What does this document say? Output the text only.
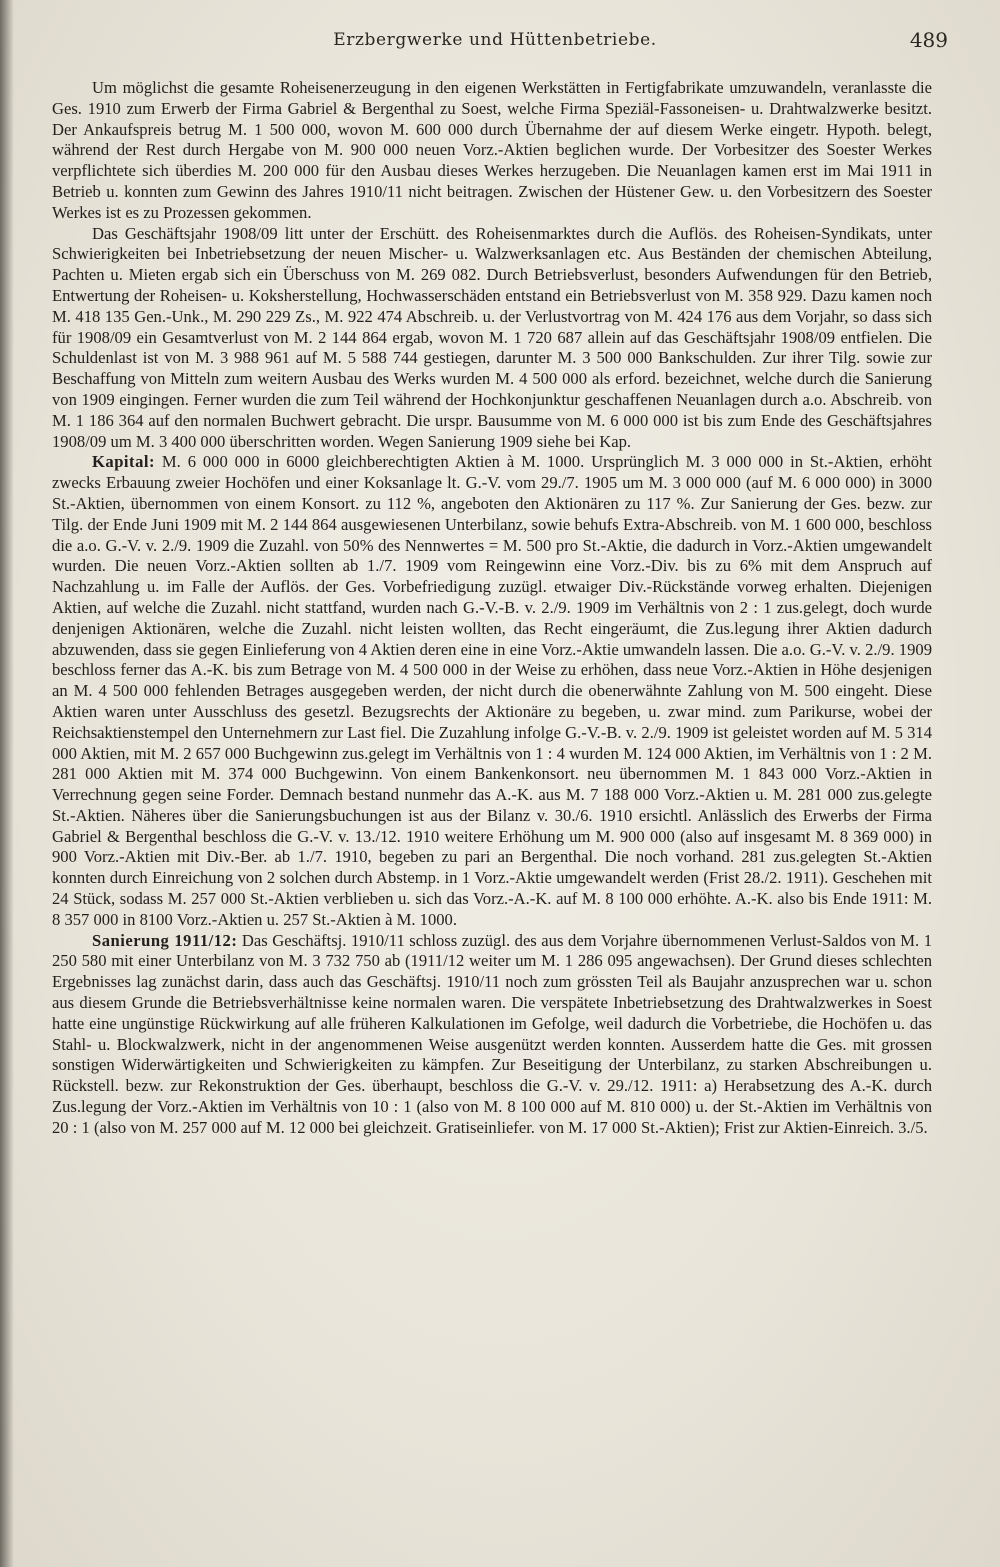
Erzbergwerke und Hüttenbetriebe.	489

Um möglichst die gesamte Roheisenerzeugung in den eigenen Werkstätten in Fertigfabrikate umzuwandeln, veranlasste die Ges. 1910 zum Erwerb der Firma Gabriel & Bergenthal zu Soest, welche Firma Speziäl-Fassoneisen- u. Drahtwalzwerke besitzt. Der Ankaufspreis betrug M. 1 500 000, wovon M. 600 000 durch Übernahme der auf diesem Werke eingetr. Hypoth. belegt, während der Rest durch Hergabe von M. 900 000 neuen Vorz.-Aktien beglichen wurde. Der Vorbesitzer des Soester Werkes verpflichtete sich überdies M. 200 000 für den Ausbau dieses Werkes herzugeben. Die Neuanlagen kamen erst im Mai 1911 in Betrieb u. konnten zum Gewinn des Jahres 1910/11 nicht beitragen. Zwischen der Hüstener Gew. u. den Vorbesitzern des Soester Werkes ist es zu Prozessen gekommen.

Das Geschäftsjahr 1908/09 litt unter der Erschütt. des Roheisenmarktes durch die Auflös. des Roheisen-Syndikats, unter Schwierigkeiten bei Inbetriebsetzung der neuen Mischer- u. Walzwerksanlagen etc. Aus Beständen der chemischen Abteilung, Pachten u. Mieten ergab sich ein Überschuss von M. 269 082. Durch Betriebsverlust, besonders Aufwendungen für den Betrieb, Entwertung der Roheisen- u. Koksherstellung, Hochwasserschäden entstand ein Betriebsverlust von M. 358 929. Dazu kamen noch M. 418 135 Gen.-Unk., M. 290 229 Zs., M. 922 474 Abschreib. u. der Verlustvortrag von M. 424 176 aus dem Vorjahr, so dass sich für 1908/09 ein Gesamtverlust von M. 2 144 864 ergab, wovon M. 1 720 687 allein auf das Geschäftsjahr 1908/09 entfielen. Die Schuldenlast ist von M. 3 988 961 auf M. 5 588 744 gestiegen, darunter M. 3 500 000 Bankschulden. Zur ihrer Tilg. sowie zur Beschaffung von Mitteln zum weitern Ausbau des Werks wurden M. 4 500 000 als erford. bezeichnet, welche durch die Sanierung von 1909 eingingen. Ferner wurden die zum Teil während der Hochkonjunktur geschaffenen Neuanlagen durch a.o. Abschreib. von M. 1 186 364 auf den normalen Buchwert gebracht. Die urspr. Bausumme von M. 6 000 000 ist bis zum Ende des Geschäftsjahres 1908/09 um M. 3 400 000 überschritten worden. Wegen Sanierung 1909 siehe bei Kap.

Kapital: M. 6 000 000 in 6000 gleichberechtigten Aktien à M. 1000. Ursprünglich M. 3 000 000 in St.-Aktien, erhöht zwecks Erbauung zweier Hochöfen und einer Koksanlage lt. G.-V. vom 29./7. 1905 um M. 3 000 000 (auf M. 6 000 000) in 3000 St.-Aktien, übernommen von einem Konsort. zu 112 %, angeboten den Aktionären zu 117 %. Zur Sanierung der Ges. bezw. zur Tilg. der Ende Juni 1909 mit M. 2 144 864 ausgewiesenen Unterbilanz, sowie behufs Extra-Abschreib. von M. 1 600 000, beschloss die a.o. G.-V. v. 2./9. 1909 die Zuzahl. von 50% des Nennwertes = M. 500 pro St.-Aktie, die dadurch in Vorz.-Aktien umgewandelt wurden. Die neuen Vorz.-Aktien sollten ab 1./7. 1909 vom Reingewinn eine Vorz.-Div. bis zu 6% mit dem Anspruch auf Nachzahlung u. im Falle der Auflös. der Ges. Vorbefriedigung zuzügl. etwaiger Div.-Rückstände vorweg erhalten. Diejenigen Aktien, auf welche die Zuzahl. nicht stattfand, wurden nach G.-V.-B. v. 2./9. 1909 im Verhältnis von 2 : 1 zus.gelegt, doch wurde denjenigen Aktionären, welche die Zuzahl. nicht leisten wollten, das Recht eingeräumt, die Zus.legung ihrer Aktien dadurch abzuwenden, dass sie gegen Einlieferung von 4 Aktien deren eine in eine Vorz.-Aktie umwandeln lassen. Die a.o. G.-V. v. 2./9. 1909 beschloss ferner das A.-K. bis zum Betrage von M. 4 500 000 in der Weise zu erhöhen, dass neue Vorz.-Aktien in Höhe desjenigen an M. 4 500 000 fehlenden Betrages ausgegeben werden, der nicht durch die obenerwähnte Zahlung von M. 500 eingeht. Diese Aktien waren unter Ausschluss des gesetzl. Bezugsrechts der Aktionäre zu begeben, u. zwar mind. zum Parikurse, wobei der Reichsaktienstempel den Unternehmern zur Last fiel. Die Zuzahlung infolge G.-V.-B. v. 2./9. 1909 ist geleistet worden auf M. 5 314 000 Aktien, mit M. 2 657 000 Buchgewinn zus.gelegt im Verhältnis von 1 : 4 wurden M. 124 000 Aktien, im Verhältnis von 1 : 2 M. 281 000 Aktien mit M. 374 000 Buchgewinn. Von einem Bankenkonsort. neu übernommen M. 1 843 000 Vorz.-Aktien in Verrechnung gegen seine Forder. Demnach bestand nunmehr das A.-K. aus M. 7 188 000 Vorz.-Aktien u. M. 281 000 zus.gelegte St.-Aktien. Näheres über die Sanierungsbuchungen ist aus der Bilanz v. 30./6. 1910 ersichtl. Anlässlich des Erwerbs der Firma Gabriel & Bergenthal beschloss die G.-V. v. 13./12. 1910 weitere Erhöhung um M. 900 000 (also auf insgesamt M. 8 369 000) in 900 Vorz.-Aktien mit Div.-Ber. ab 1./7. 1910, begeben zu pari an Bergenthal. Die noch vorhand. 281 zus.gelegten St.-Aktien konnten durch Einreichung von 2 solchen durch Abstemp. in 1 Vorz.-Aktie umgewandelt werden (Frist 28./2. 1911). Geschehen mit 24 Stück, sodass M. 257 000 St.-Aktien verblieben u. sich das Vorz.-A.-K. auf M. 8 100 000 erhöhte. A.-K. also bis Ende 1911: M. 8 357 000 in 8100 Vorz.-Aktien u. 257 St.-Aktien à M. 1000.

Sanierung 1911/12: Das Geschäftsj. 1910/11 schloss zuzügl. des aus dem Vorjahre übernommenen Verlust-Saldos von M. 1 250 580 mit einer Unterbilanz von M. 3 732 750 ab (1911/12 weiter um M. 1 286 095 angewachsen). Der Grund dieses schlechten Ergebnisses lag zunächst darin, dass auch das Geschäftsj. 1910/11 noch zum grössten Teil als Baujahr anzusprechen war u. schon aus diesem Grunde die Betriebsverhältnisse keine normalen waren. Die verspätete Inbetriebsetzung des Drahtwalzwerkes in Soest hatte eine ungünstige Rückwirkung auf alle früheren Kalkulationen im Gefolge, weil dadurch die Vorbetriebe, die Hochöfen u. das Stahl- u. Blockwalzwerk, nicht in der angenommenen Weise ausgenützt werden konnten. Ausserdem hatte die Ges. mit grossen sonstigen Widerwärtigkeiten und Schwierigkeiten zu kämpfen. Zur Beseitigung der Unterbilanz, zu starken Abschreibungen u. Rückstell. bezw. zur Rekonstruktion der Ges. überhaupt, beschloss die G.-V. v. 29./12. 1911: a) Herabsetzung des A.-K. durch Zus.legung der Vorz.-Aktien im Verhältnis von 10 : 1 (also von M. 8 100 000 auf M. 810 000) u. der St.-Aktien im Verhältnis von 20 : 1 (also von M. 257 000 auf M. 12 000 bei gleichzeit. Gratiseinliefer. von M. 17 000 St.-Aktien); Frist zur Aktien-Einreich. 3./5.
